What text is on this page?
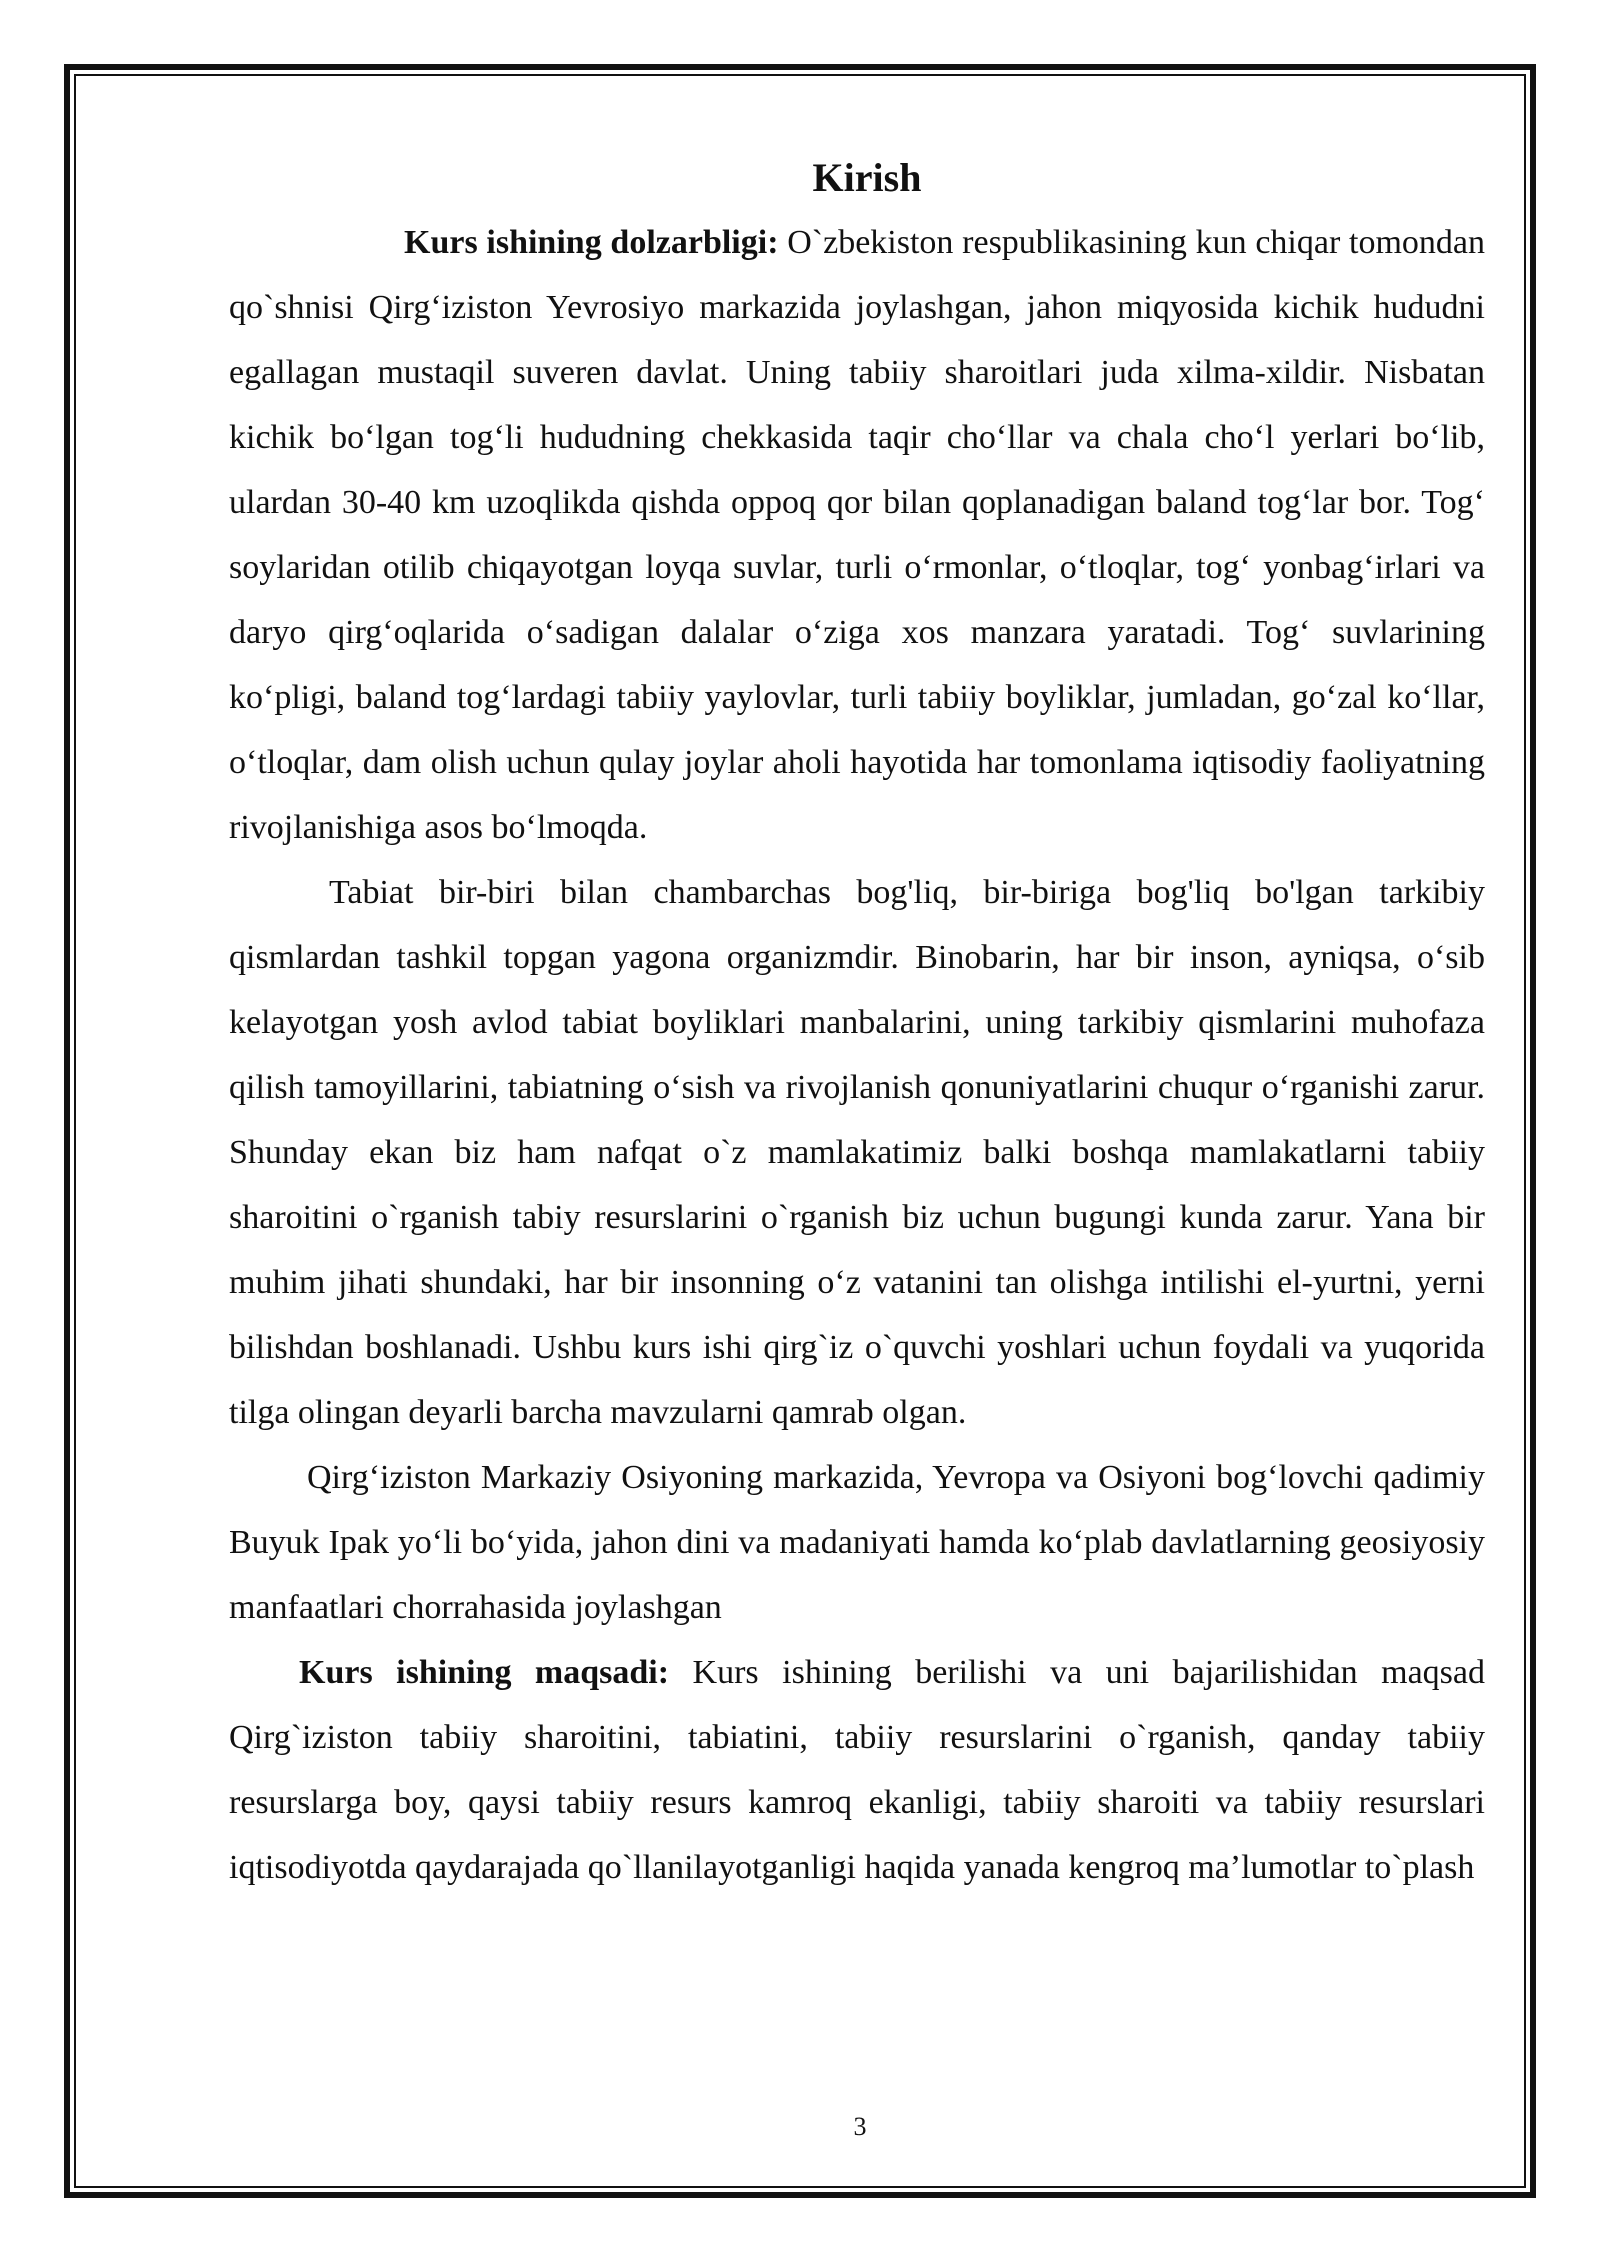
Kirish

Kurs ishining dolzarbligi: O`zbekiston respublikasining kun chiqar tomondan qo`shnisi Qirg‘iziston Yevrosiyo markazida joylashgan, jahon miqyosida kichik hududni egallagan mustaqil suveren davlat. Uning tabiiy sharoitlari juda xilma-xildir. Nisbatan kichik bo‘lgan tog‘li hududning chekkasida taqir cho‘llar va chala cho‘l yerlari bo‘lib, ulardan 30-40 km uzoqlikda qishda oppoq qor bilan qoplanadigan baland tog‘lar bor. Tog‘ soylaridan otilib chiqayotgan loyqa suvlar, turli o‘rmonlar, o‘tloqlar, tog‘ yonbag‘irlari va daryo qirg‘oqlarida o‘sadigan dalalar o‘ziga xos manzara yaratadi. Tog‘ suvlarining ko‘pligi, baland tog‘lardagi tabiiy yaylovlar, turli tabiiy boyliklar, jumladan, go‘zal ko‘llar, o‘tloqlar, dam olish uchun qulay joylar aholi hayotida har tomonlama iqtisodiy faoliyatning rivojlanishiga asos bo‘lmoqda.

Tabiat bir-biri bilan chambarchas bog'liq, bir-biriga bog'liq bo'lgan tarkibiy qismlardan tashkil topgan yagona organizmdir. Binobarin, har bir inson, ayniqsa, o‘sib kelayotgan yosh avlod tabiat boyliklari manbalarini, uning tarkibiy qismlarini muhofaza qilish tamoyillarini, tabiatning o‘sish va rivojlanish qonuniyatlarini chuqur o‘rganishi zarur. Shunday ekan biz ham nafqat o`z mamlakatimiz balki boshqa mamlakatlarni tabiiy sharoitini o`rganish tabiy resurslarini o`rganish biz uchun bugungi kunda zarur. Yana bir muhim jihati shundaki, har bir insonning o‘z vatanini tan olishga intilishi el-yurtni, yerni bilishdan boshlanadi. Ushbu kurs ishi qirg`iz o`quvchi yoshlari uchun foydali va yuqorida tilga olingan deyarli barcha mavzularni qamrab olgan.

Qirg‘iziston Markaziy Osiyoning markazida, Yevropa va Osiyoni bog‘lovchi qadimiy Buyuk Ipak yo‘li bo‘yida, jahon dini va madaniyati hamda ko‘plab davlatlarning geosiyosiy manfaatlari chorrahasida joylashgan

Kurs ishining maqsadi: Kurs ishining berilishi va uni bajarilishidan maqsad Qirg`iziston tabiiy sharoitini, tabiatini, tabiiy resurslarini o`rganish, qanday tabiiy resurslarga boy, qaysi tabiiy resurs kamroq ekanligi, tabiiy sharoiti va tabiiy resurslari iqtisodiyotda qaydarajada qo`llanilayotganligi haqida yanada kengroq ma’lumotlar to`plash

3
